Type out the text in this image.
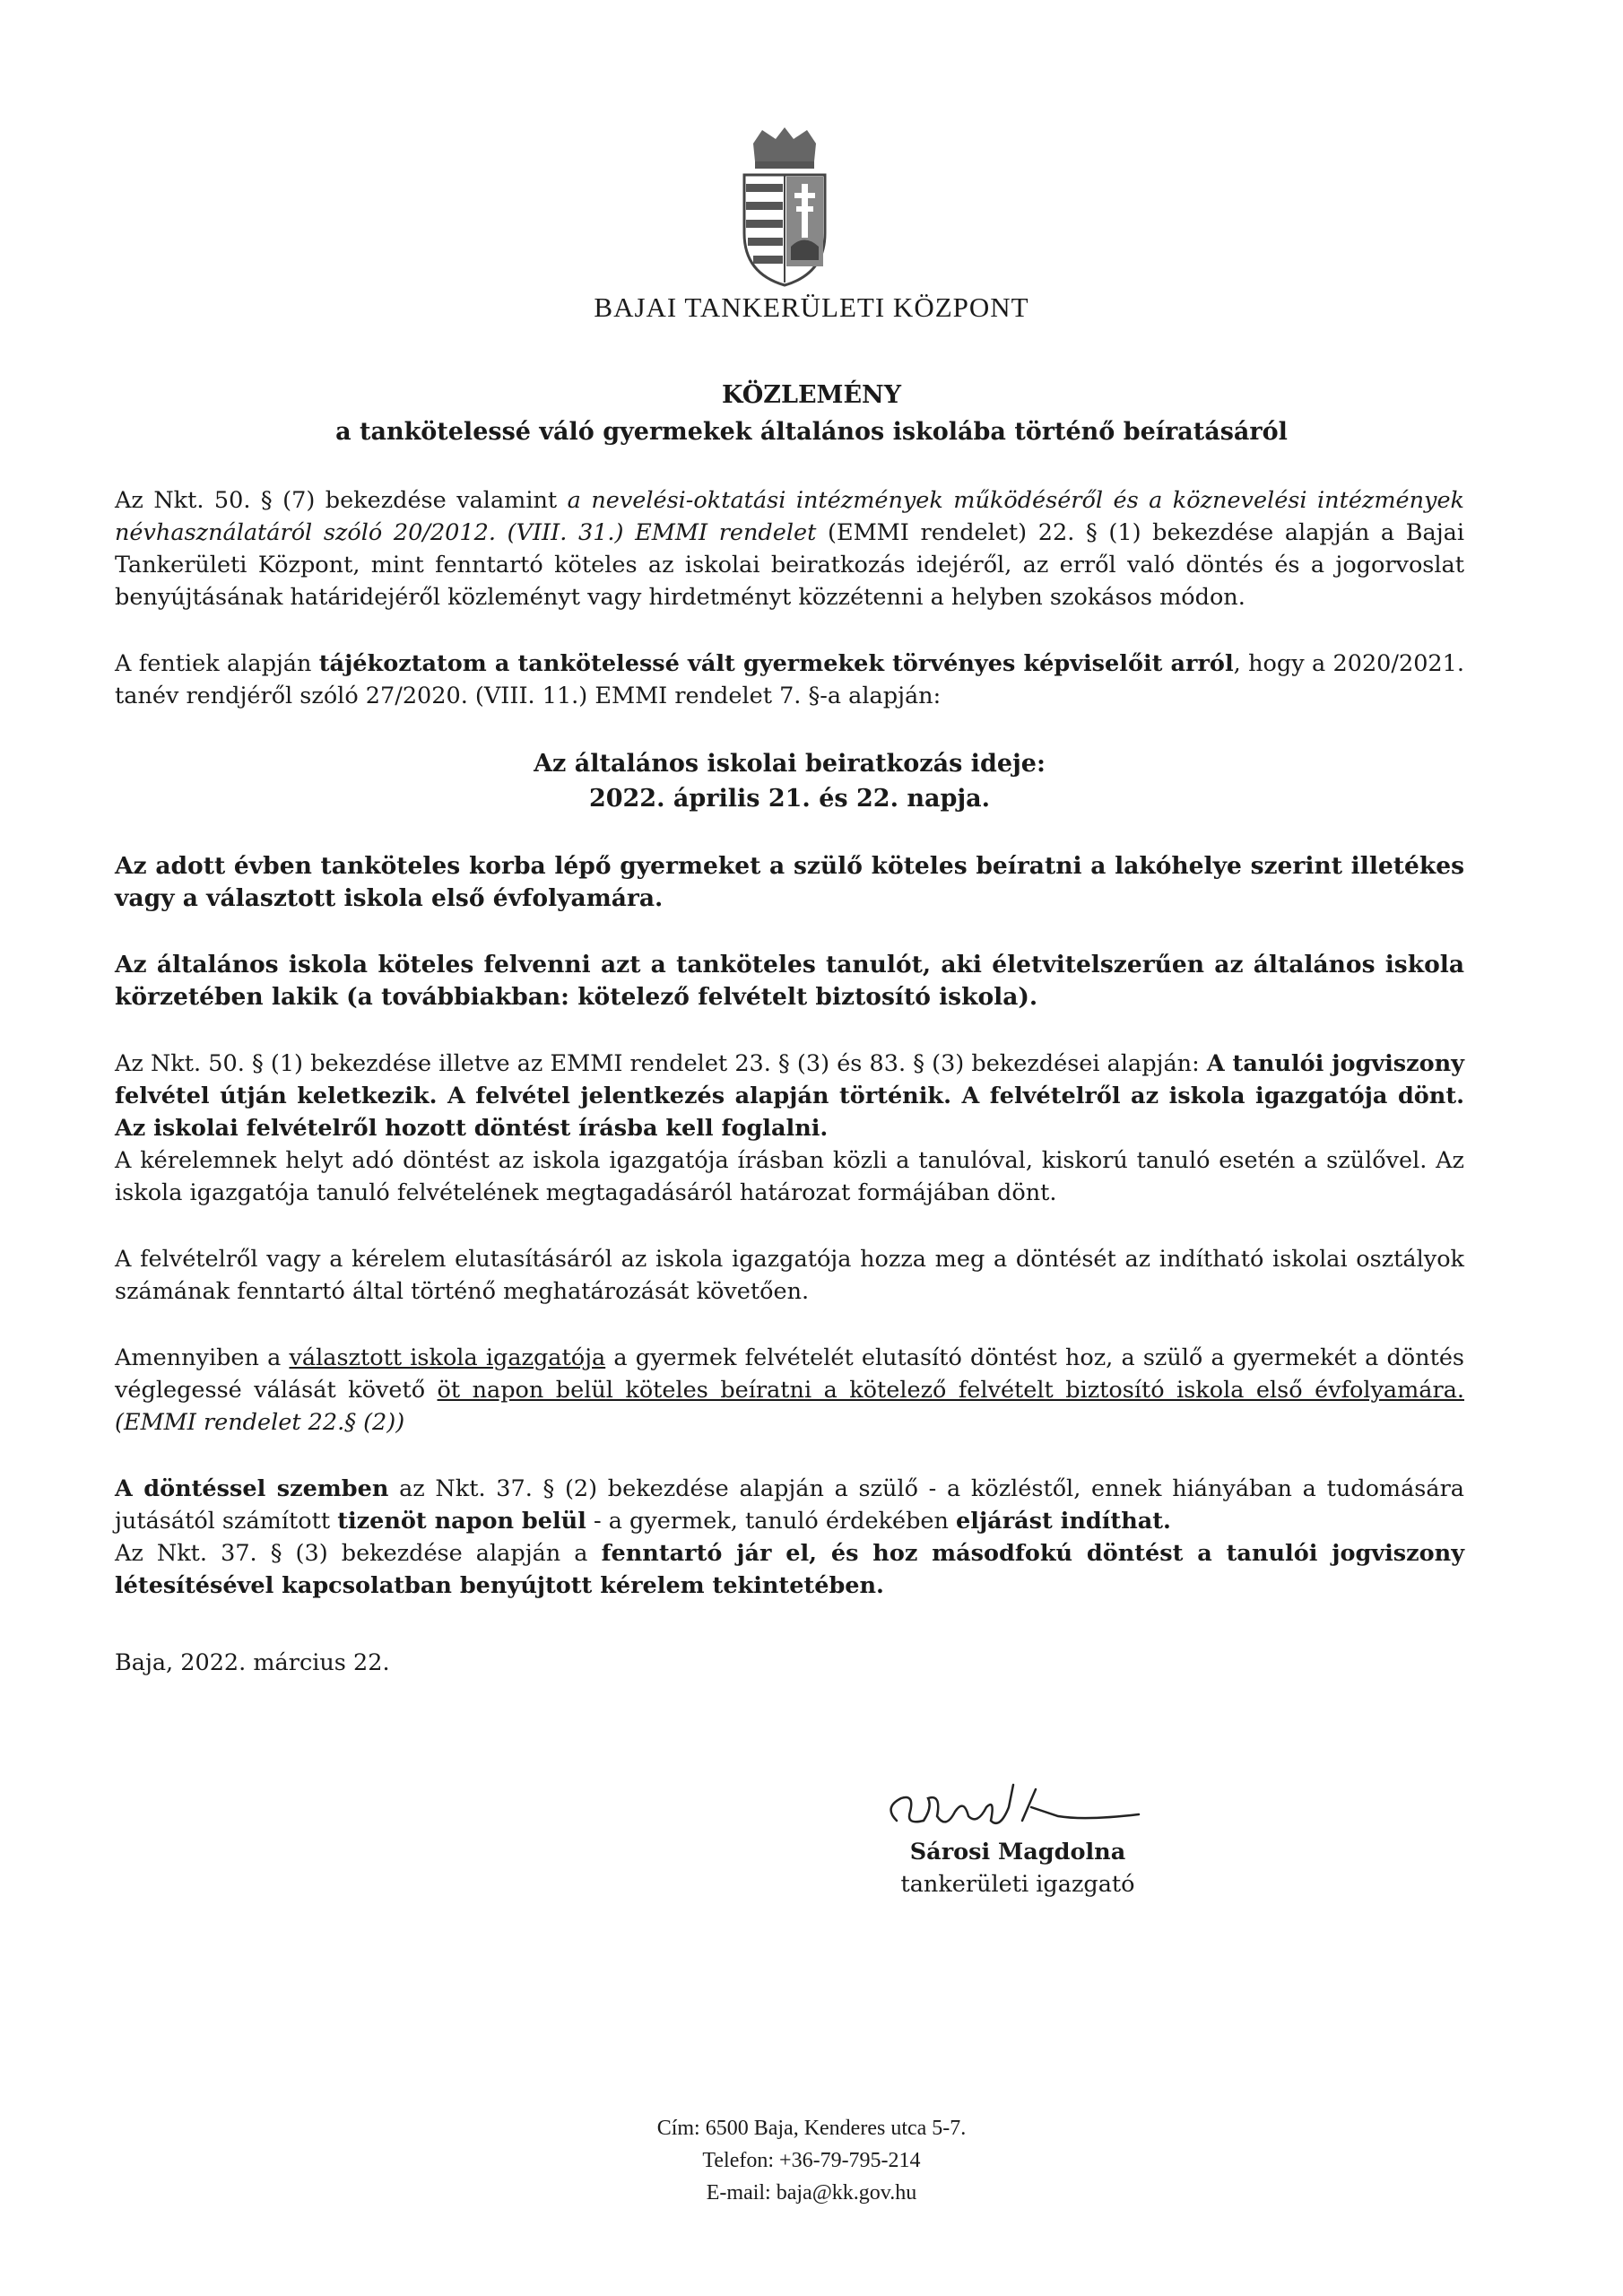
BAJAI TANKERÜLETI KÖZPONT
KÖZLEMÉNY
a tankötelessé váló gyermekek általános iskolába történő beíratásáról

Az Nkt. 50. § (7) bekezdése valamint a nevelési-oktatási intézmények működéséről és a köznevelési intézmények névhasználatáról szóló 20/2012. (VIII. 31.) EMMI rendelet (EMMI rendelet) 22. § (1) bekezdése alapján a Bajai Tankerületi Központ, mint fenntartó köteles az iskolai beiratkozás idejéről, az erről való döntés és a jogorvoslat benyújtásának határidejéről közleményt vagy hirdetményt közzétenni a helyben szokásos módon.

A fentiek alapján tájékoztatom a tankötelessé vált gyermekek törvényes képviselőit arról, hogy a 2020/2021. tanév rendjéről szóló 27/2020. (VIII. 11.) EMMI rendelet 7. §-a alapján:

Az általános iskolai beiratkozás ideje:

2022. április 21. és 22. napja.

Az adott évben tanköteles korba lépő gyermeket a szülő köteles beíratni a lakóhelye szerint illetékes vagy a választott iskola első évfolyamára.

Az általános iskola köteles felvenni azt a tanköteles tanulót, aki életvitelszerűen az általános iskola körzetében lakik (a továbbiakban: kötelező felvételt biztosító iskola).

Az Nkt. 50. § (1) bekezdése illetve az EMMI rendelet 23. § (3) és 83. § (3) bekezdései alapján: A tanulói jogviszony felvétel útján keletkezik. A felvétel jelentkezés alapján történik. A felvételről az iskola igazgatója dönt. Az iskolai felvételről hozott döntést írásba kell foglalni.

A kérelemnek helyt adó döntést az iskola igazgatója írásban közli a tanulóval, kiskorú tanuló esetén a szülővel. Az iskola igazgatója tanuló felvételének megtagadásáról határozat formájában dönt.

A felvételről vagy a kérelem elutasításáról az iskola igazgatója hozza meg a döntését az indítható iskolai osztályok számának fenntartó által történő meghatározását követően.

Amennyiben a választott iskola igazgatója a gyermek felvételét elutasító döntést hoz, a szülő a gyermekét a döntés véglegessé válását követő öt napon belül köteles beíratni a kötelező felvételt biztosító iskola első évfolyamára. (EMMI rendelet 22.§ (2))

A döntéssel szemben az Nkt. 37. § (2) bekezdése alapján a szülő - a közléstől, ennek hiányában a tudomására jutásától számított tizenöt napon belül - a gyermek, tanuló érdekében eljárást indíthat.

Az Nkt. 37. § (3) bekezdése alapján a fenntartó jár el, és hoz másodfokú döntést a tanulói jogviszony létesítésével kapcsolatban benyújtott kérelem tekintetében.

Baja, 2022. március 22.

Sárosi Magdolna
tankerületi igazgató
Cím: 6500 Baja, Kenderes utca 5-7.
Telefon: +36-79-795-214
E-mail: baja@kk.gov.hu
